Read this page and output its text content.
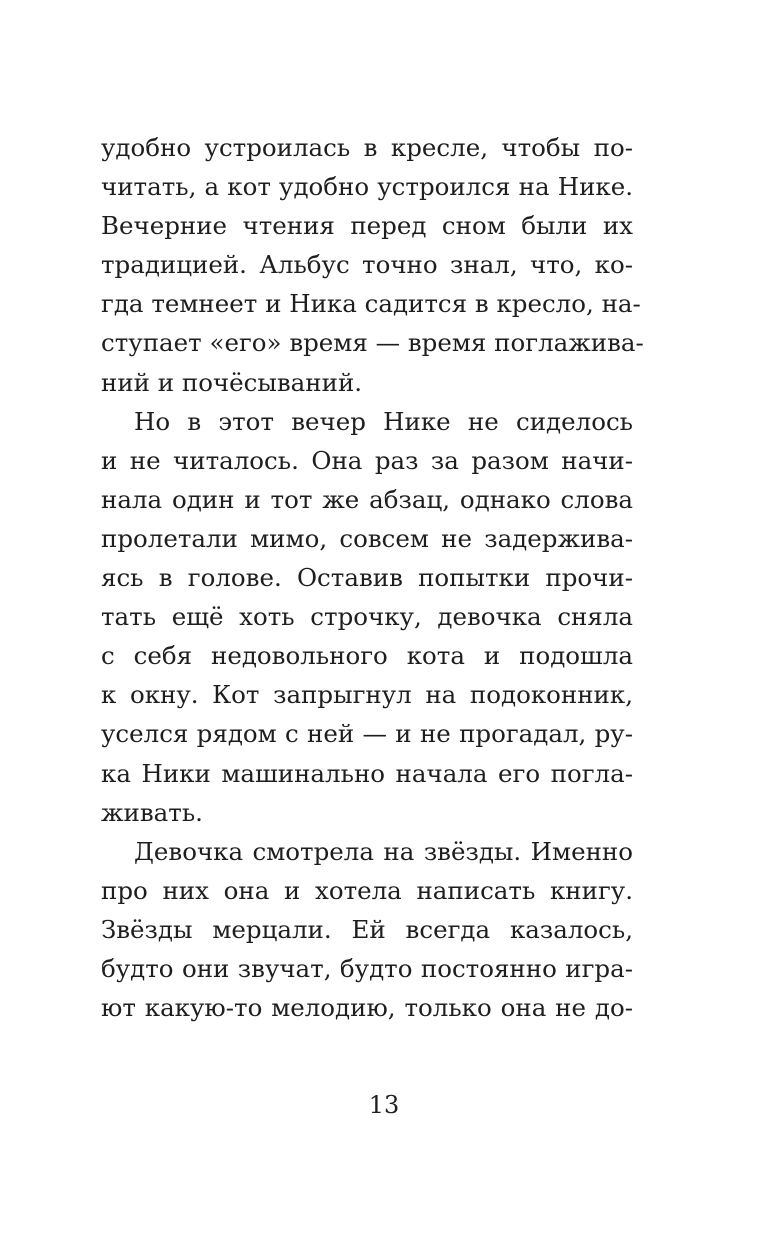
удобно устроилась в кресле, чтобы по-
читать, а кот удобно устроился на Нике.
Вечерние чтения перед сном были их
традицией. Альбус точно знал, что, ко-
гда темнеет и Ника садится в кресло, на-
ступает «его» время — время поглажива-
ний и почёсываний.
Но в этот вечер Нике не сиделось
и не читалось. Она раз за разом начи-
нала один и тот же абзац, однако слова
пролетали мимо, совсем не задержива-
ясь в голове. Оставив попытки прочи-
тать ещё хоть строчку, девочка сняла
с себя недовольного кота и подошла
к окну. Кот запрыгнул на подоконник,
уселся рядом с ней — и не прогадал, ру-
ка Ники машинально начала его погла-
живать.
Девочка смотрела на звёзды. Именно
про них она и хотела написать книгу.
Звёзды мерцали. Ей всегда казалось,
будто они звучат, будто постоянно игра-
ют какую-то мелодию, только она не до-
13
